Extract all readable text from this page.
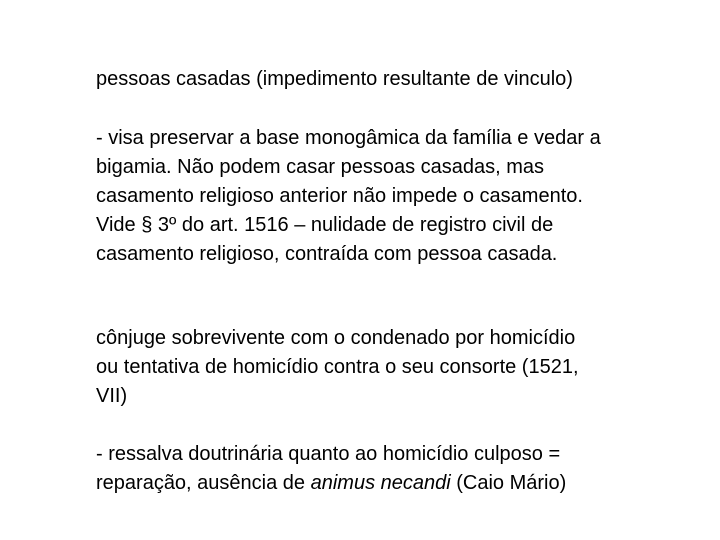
pessoas casadas (impedimento resultante de vinculo)

- visa preservar a base monogâmica da família e vedar a
bigamia. Não podem casar pessoas casadas, mas
casamento religioso anterior não impede o casamento.
Vide § 3º do art. 1516 – nulidade de registro civil de
casamento religioso, contraída com pessoa casada.

cônjuge sobrevivente com o condenado por homicídio
ou tentativa de homicídio contra o seu consorte (1521,
VII)

- ressalva doutrinária quanto ao homicídio culposo =
reparação, ausência de animus necandi (Caio Mário)
